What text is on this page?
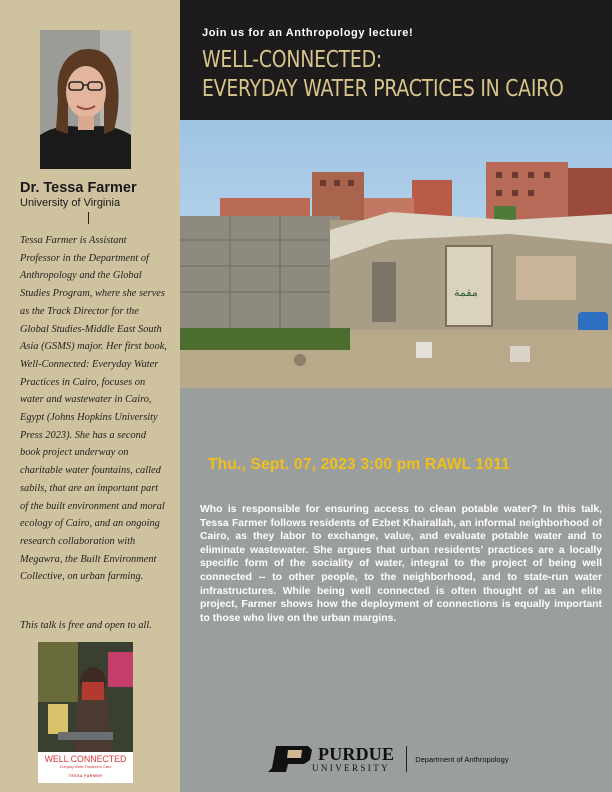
Dr. Tessa Farmer
University of Virginia
Tessa Farmer is Assistant Professor in the Department of Anthropology and the Global Studies Program, where she serves as the Track Director for the Global Studies-Middle East South Asia (GSMS) major. Her first book, Well-Connected: Everyday Water Practices in Cairo, focuses on water and wastewater in Cairo, Egypt (Johns Hopkins University Press 2023). She has a second book project underway on charitable water fountains, called sabils, that are an important part of the built environment and moral ecology of Cairo, and an ongoing research collaboration with Megawra, the Built Environment Collective, on urban farming.
This talk is free and open to all.
WELL CONNECTED
Everyday Water Practices in Cairo
TESSA FARMER
Join us for an Anthropology lecture!
WELL-CONNECTED:
EVERYDAY WATER PRACTICES IN CAIRO
ﻣﻘﻤﺔ
Thu., Sept. 07, 2023 3:00 pm RAWL 1011
Who is responsible for ensuring access to clean potable water? In this talk, Tessa Farmer follows residents of Ezbet Khairallah, an informal neighborhood of Cairo, as they labor to exchange, value, and evaluate potable water and to eliminate wastewater. She argues that urban residents’ practices are a locally specific form of the sociality of water, integral to the project of being well connected -- to other people, to the neighborhood, and to state-run water infrastructures. While being well connected is often thought of as an elite project, Farmer shows how the deployment of connections is equally important to those who live on the urban margins.
PURDUE
UNIVERSITY
Department of Anthropology
